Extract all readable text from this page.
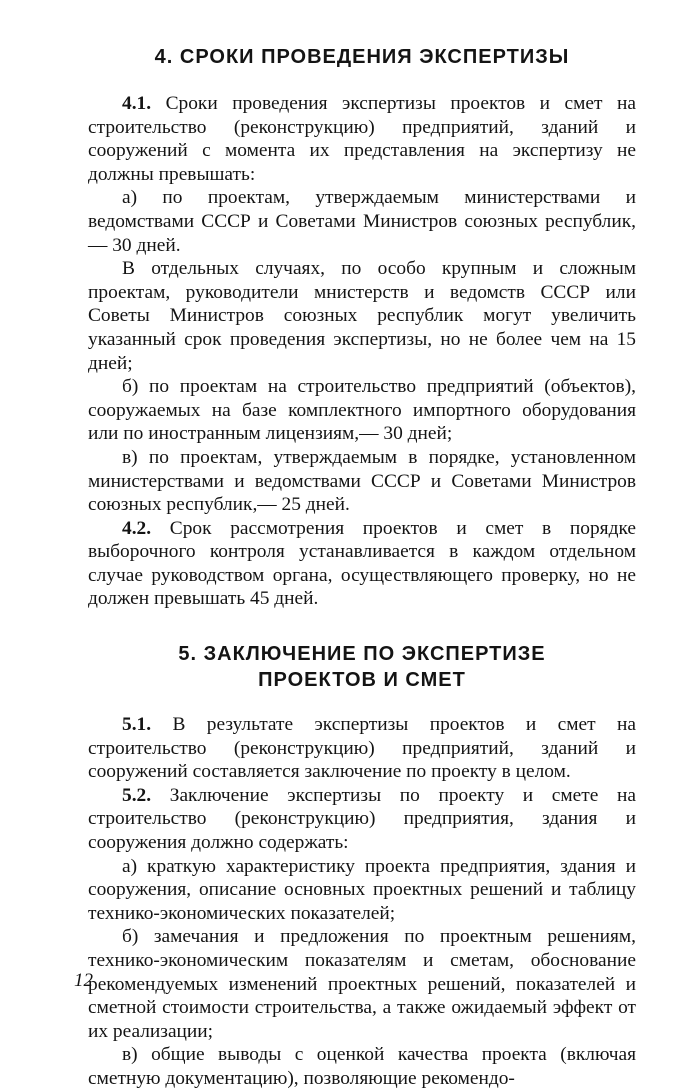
4. СРОКИ ПРОВЕДЕНИЯ ЭКСПЕРТИЗЫ

4.1. Сроки проведения экспертизы проектов и смет на строительство (реконструкцию) предприятий, зданий и сооружений с момента их представления на экспертизу не должны превышать:

а) по проектам, утверждаемым министерствами и ведомствами СССР и Советами Министров союзных республик, — 30 дней.

В отдельных случаях, по особо крупным и сложным проектам, руководители мнистерств и ведомств СССР или Советы Министров союзных республик могут увеличить указанный срок проведения экспертизы, но не более чем на 15 дней;

б) по проектам на строительство предприятий (объектов), сооружаемых на базе комплектного импортного оборудования или по иностранным лицензиям,— 30 дней;

в) по проектам, утверждаемым в порядке, установленном министерствами и ведомствами СССР и Советами Министров союзных республик,— 25 дней.

4.2. Срок рассмотрения проектов и смет в порядке выборочного контроля устанавливается в каждом отдельном случае руководством органа, осуществляющего проверку, но не должен превышать 45 дней.

5. ЗАКЛЮЧЕНИЕ ПО ЭКСПЕРТИЗЕ
ПРОЕКТОВ И СМЕТ

5.1. В результате экспертизы проектов и смет на строительство (реконструкцию) предприятий, зданий и сооружений составляется заключение по проекту в целом.

5.2. Заключение экспертизы по проекту и смете на строительство (реконструкцию) предприятия, здания и сооружения должно содержать:

а) краткую характеристику проекта предприятия, здания и сооружения, описание основных проектных решений и таблицу технико-экономических показателей;

б) замечания и предложения по проектным решениям, технико-экономическим показателям и сметам, обоснование рекомендуемых изменений проектных решений, показателей и сметной стоимости строительства, а также ожидаемый эффект от их реализации;

в) общие выводы с оценкой качества проекта (включая сметную документацию), позволяющие рекомендо-

12
